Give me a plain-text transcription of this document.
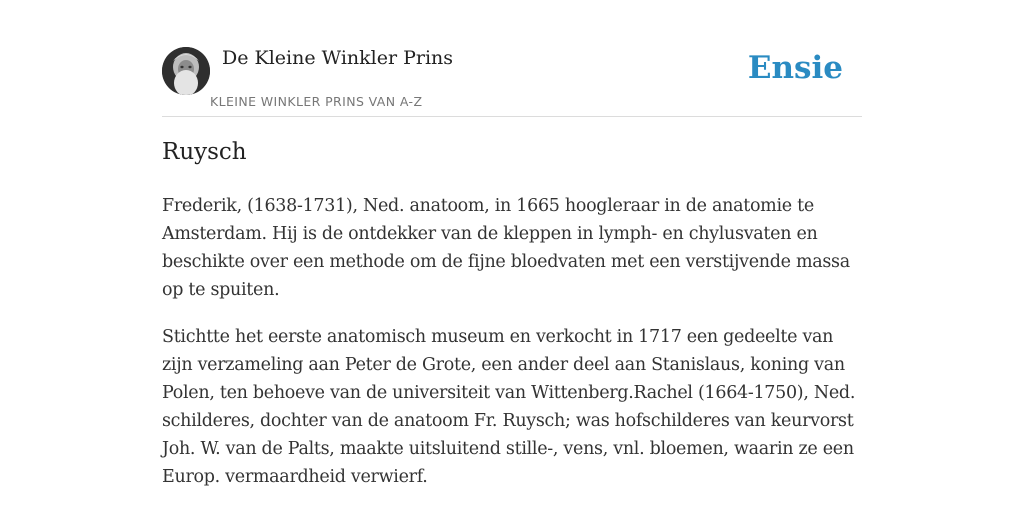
De Kleine Winkler Prins
KLEINE WINKLER PRINS VAN A-Z
Ensie
Ruysch

Frederik, (1638-1731), Ned. anatoom, in 1665 hoogleraar in de anatomie te Amsterdam. Hij is de ontdekker van de kleppen in lymph- en chylusvaten en beschikte over een methode om de fijne bloedvaten met een verstijvende massa op te spuiten.

Stichtte het eerste anatomisch museum en verkocht in 1717 een gedeelte van zijn verzameling aan Peter de Grote, een ander deel aan Stanislaus, koning van Polen, ten behoeve van de universiteit van Wittenberg.Rachel (1664-1750), Ned. schilderes, dochter van de anatoom Fr. Ruysch; was hofschilderes van keurvorst Joh. W. van de Palts, maakte uitsluitend stille-, vens, vnl. bloemen, waarin ze een Europ. vermaardheid verwierf.
